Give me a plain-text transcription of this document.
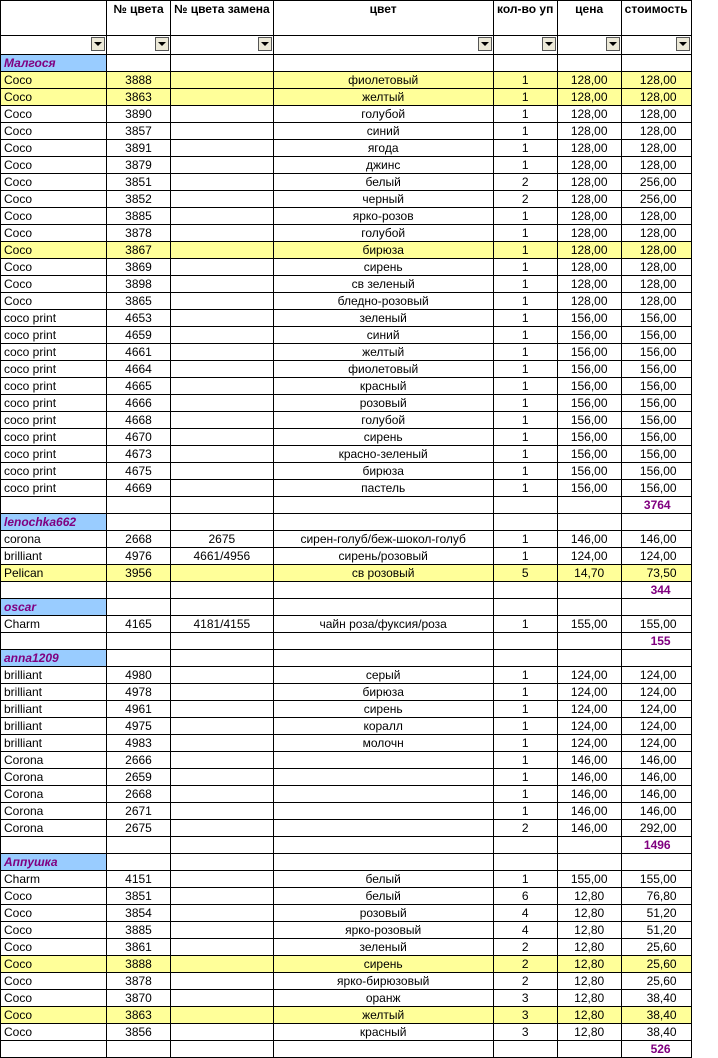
	№ цвета	№ цвета замена	цвет	кол-во уп	цена	стоимость

Малгося						
Coco	3888		фиолетовый	1	128,00	128,00
Coco	3863		желтый	1	128,00	128,00
Coco	3890		голубой	1	128,00	128,00
Coco	3857		синий	1	128,00	128,00
Coco	3891		ягода	1	128,00	128,00
Coco	3879		джинс	1	128,00	128,00
Coco	3851		белый	2	128,00	256,00
Coco	3852		черный	2	128,00	256,00
Coco	3885		ярко-розов	1	128,00	128,00
Coco	3878		голубой	1	128,00	128,00
Coco	3867		бирюза	1	128,00	128,00
Coco	3869		сирень	1	128,00	128,00
Coco	3898		св зеленый	1	128,00	128,00
Coco	3865		бледно-розовый	1	128,00	128,00
coco print	4653		зеленый	1	156,00	156,00
coco print	4659		синий	1	156,00	156,00
coco print	4661		желтый	1	156,00	156,00
coco print	4664		фиолетовый	1	156,00	156,00
coco print	4665		красный	1	156,00	156,00
coco print	4666		розовый	1	156,00	156,00
coco print	4668		голубой	1	156,00	156,00
coco print	4670		сирень	1	156,00	156,00
coco print	4673		красно-зеленый	1	156,00	156,00
coco print	4675		бирюза	1	156,00	156,00
coco print	4669		пастель	1	156,00	156,00
						3764
lenochka662						
corona	2668	2675	сирен-голуб/беж-шокол-голуб	1	146,00	146,00
brilliant	4976	4661/4956	сирень/розовый	1	124,00	124,00
Pelican	3956		св розовый	5	14,70	73,50
						344
oscar						
Charm	4165	4181/4155	чайн роза/фуксия/роза	1	155,00	155,00
						155
anna1209						
brilliant	4980		серый	1	124,00	124,00
brilliant	4978		бирюза	1	124,00	124,00
brilliant	4961		сирень	1	124,00	124,00
brilliant	4975		коралл	1	124,00	124,00
brilliant	4983		молочн	1	124,00	124,00
Corona	2666			1	146,00	146,00
Corona	2659			1	146,00	146,00
Corona	2668			1	146,00	146,00
Corona	2671			1	146,00	146,00
Corona	2675			2	146,00	292,00
						1496
Аппушка						
Charm	4151		белый	1	155,00	155,00
Coco	3851		белый	6	12,80	76,80
Coco	3854		розовый	4	12,80	51,20
Coco	3885		ярко-розовый	4	12,80	51,20
Coco	3861		зеленый	2	12,80	25,60
Coco	3888		сирень	2	12,80	25,60
Coco	3878		ярко-бирюзовый	2	12,80	25,60
Coco	3870		оранж	3	12,80	38,40
Coco	3863		желтый	3	12,80	38,40
Coco	3856		красный	3	12,80	38,40
						526
